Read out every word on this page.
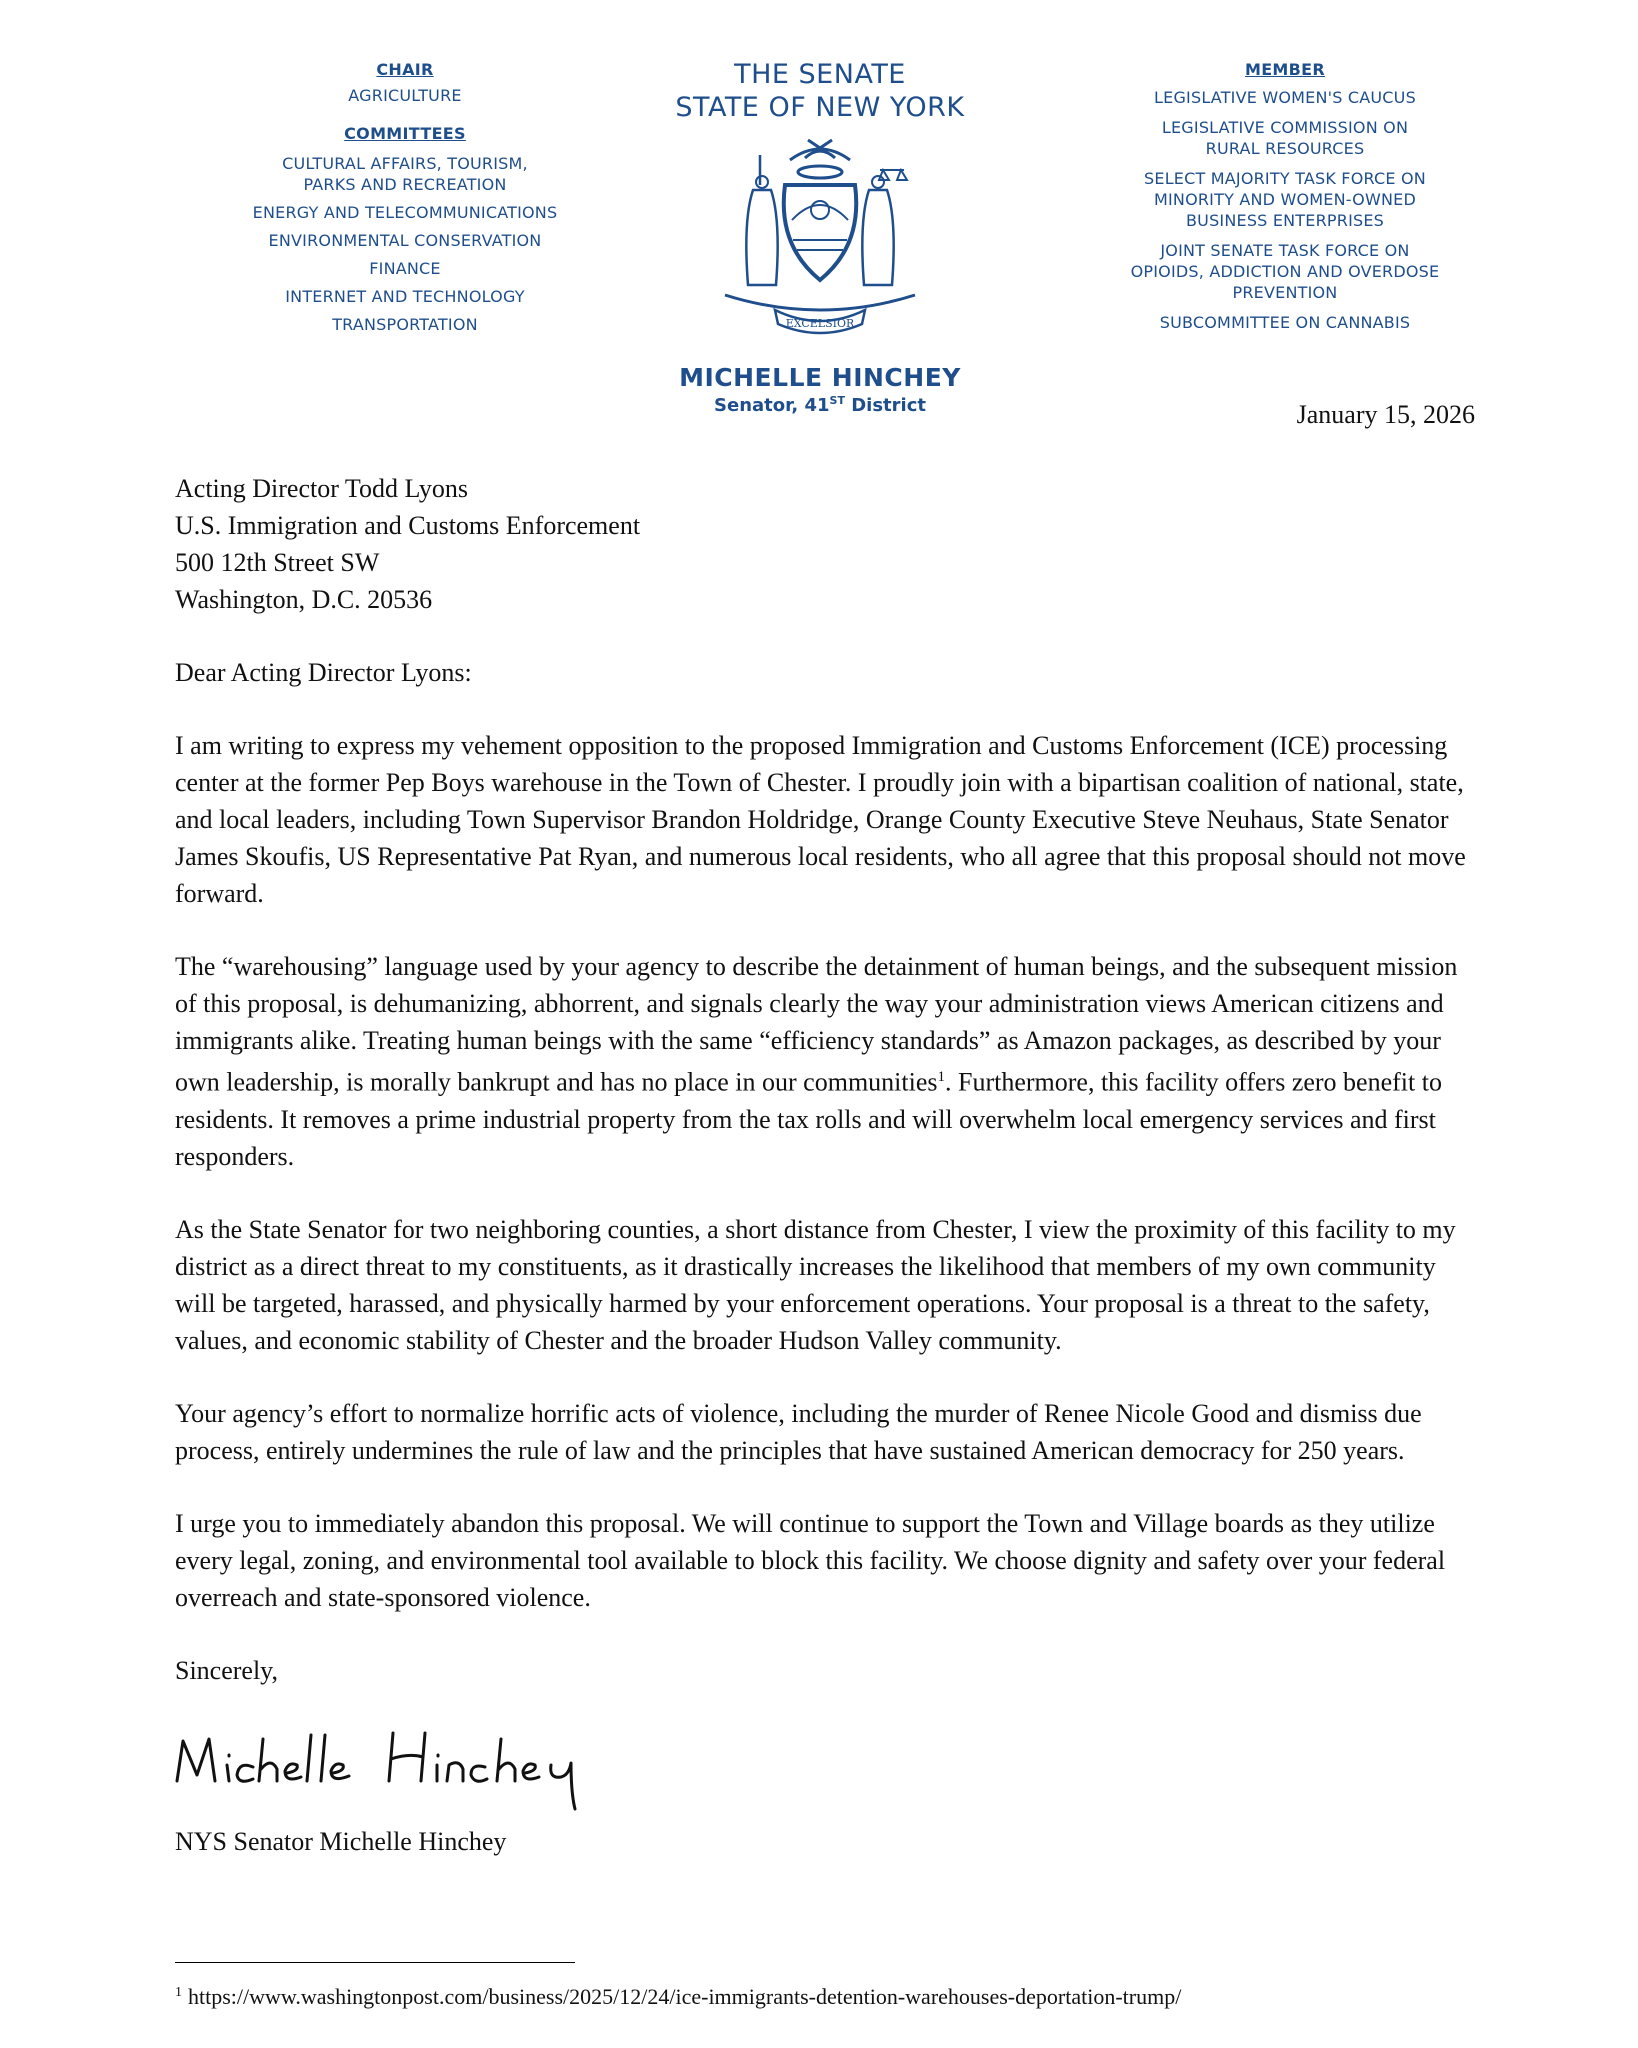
CHAIR
AGRICULTURE
COMMITTEES
CULTURAL AFFAIRS, TOURISM,
PARKS AND RECREATION
ENERGY AND TELECOMMUNICATIONS
ENVIRONMENTAL CONSERVATION
FINANCE
INTERNET AND TECHNOLOGY
TRANSPORTATION
THE SENATE
STATE OF NEW YORK
EXCELSIOR
MICHELLE HINCHEY
Senator, 41ST District
MEMBER
LEGISLATIVE WOMEN'S CAUCUS
LEGISLATIVE COMMISSION ON
RURAL RESOURCES
SELECT MAJORITY TASK FORCE ON
MINORITY AND WOMEN-OWNED
BUSINESS ENTERPRISES
JOINT SENATE TASK FORCE ON
OPIOIDS, ADDICTION AND OVERDOSE
PREVENTION
SUBCOMMITTEE ON CANNABIS
January 15, 2026

Acting Director Todd Lyons

U.S. Immigration and Customs Enforcement

500 12th Street SW

Washington, D.C. 20536

Dear Acting Director Lyons:

I am writing to express my vehement opposition to the proposed Immigration and Customs Enforcement (ICE) processing center at the former Pep Boys warehouse in the Town of Chester. I proudly join with a bipartisan coalition of national, state, and local leaders, including Town Supervisor Brandon Holdridge, Orange County Executive Steve Neuhaus, State Senator James Skoufis, US Representative Pat Ryan, and numerous local residents, who all agree that this proposal should not move forward.

The “warehousing” language used by your agency to describe the detainment of human beings, and the subsequent mission of this proposal, is dehumanizing, abhorrent, and signals clearly the way your administration views American citizens and immigrants alike. Treating human beings with the same “efficiency standards” as Amazon packages, as described by your own leadership, is morally bankrupt and has no place in our communities$^1$. Furthermore, this facility offers zero benefit to residents. It removes a prime industrial property from the tax rolls and will overwhelm local emergency services and first responders.

As the State Senator for two neighboring counties, a short distance from Chester, I view the proximity of this facility to my district as a direct threat to my constituents, as it drastically increases the likelihood that members of my own community will be targeted, harassed, and physically harmed by your enforcement operations. Your proposal is a threat to the safety, values, and economic stability of Chester and the broader Hudson Valley community.

Your agency’s effort to normalize horrific acts of violence, including the murder of Renee Nicole Good and dismiss due process, entirely undermines the rule of law and the principles that have sustained American democracy for 250 years.

I urge you to immediately abandon this proposal. We will continue to support the Town and Village boards as they utilize every legal, zoning, and environmental tool available to block this facility. We choose dignity and safety over your federal overreach and state-sponsored violence.

Sincerely,

NYS Senator Michelle Hinchey

$^1$ https://www.washingtonpost.com/business/2025/12/24/ice-immigrants-detention-warehouses-deportation-trump/
